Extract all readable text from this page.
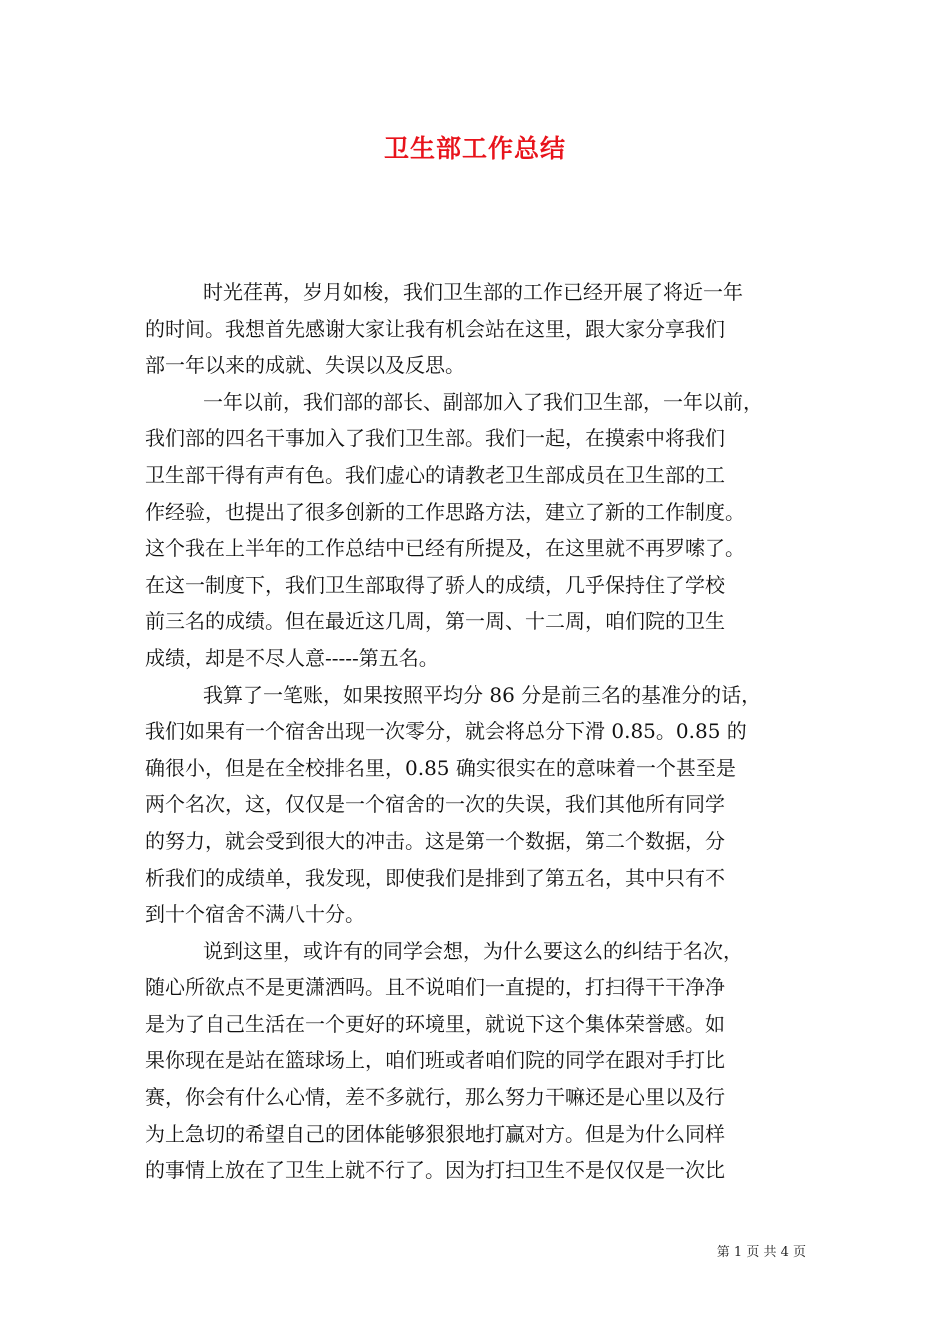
卫生部工作总结

时光荏苒，岁月如梭，我们卫生部的工作已经开展了将近一年
的时间。我想首先感谢大家让我有机会站在这里，跟大家分享我们
部一年以来的成就、失误以及反思。

一年以前，我们部的部长、副部加入了我们卫生部，一年以前，
我们部的四名干事加入了我们卫生部。我们一起，在摸索中将我们
卫生部干得有声有色。我们虚心的请教老卫生部成员在卫生部的工
作经验，也提出了很多创新的工作思路方法，建立了新的工作制度。
这个我在上半年的工作总结中已经有所提及，在这里就不再罗嗦了。
在这一制度下，我们卫生部取得了骄人的成绩，几乎保持住了学校
前三名的成绩。但在最近这几周，第一周、十二周，咱们院的卫生
成绩，却是不尽人意-----第五名。

我算了一笔账，如果按照平均分 86 分是前三名的基准分的话，
我们如果有一个宿舍出现一次零分，就会将总分下滑 0.85。0.85 的
确很小，但是在全校排名里，0.85 确实很实在的意味着一个甚至是
两个名次，这，仅仅是一个宿舍的一次的失误，我们其他所有同学
的努力，就会受到很大的冲击。这是第一个数据，第二个数据，分
析我们的成绩单，我发现，即使我们是排到了第五名，其中只有不
到十个宿舍不满八十分。

说到这里，或许有的同学会想，为什么要这么的纠结于名次，
随心所欲点不是更潇洒吗。且不说咱们一直提的，打扫得干干净净
是为了自己生活在一个更好的环境里，就说下这个集体荣誉感。如
果你现在是站在篮球场上，咱们班或者咱们院的同学在跟对手打比
赛，你会有什么心情，差不多就行，那么努力干嘛还是心里以及行
为上急切的希望自己的团体能够狠狠地打赢对方。但是为什么同样
的事情上放在了卫生上就不行了。因为打扫卫生不是仅仅是一次比

第 1 页 共 4 页
